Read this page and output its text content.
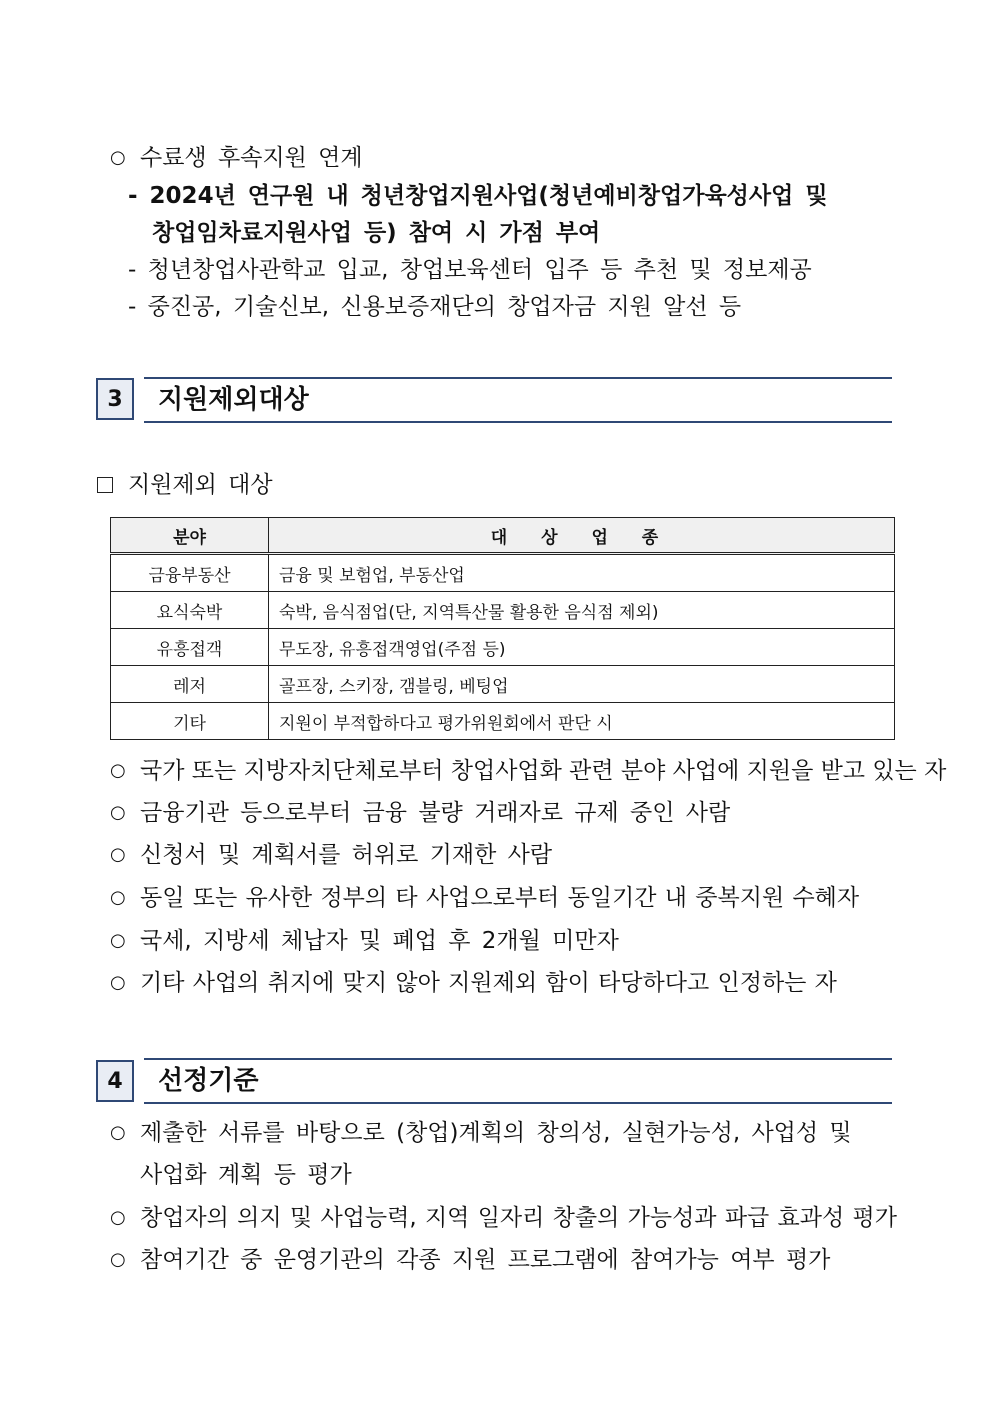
○ 수료생 후속지원 연계
- 2024년 연구원 내 청년창업지원사업(청년예비창업가육성사업 및
창업임차료지원사업 등) 참여 시 가점 부여
- 청년창업사관학교 입교, 창업보육센터 입주 등 추천 및 정보제공
- 중진공, 기술신보, 신용보증재단의 창업자금 지원 알선 등
3	지원제외대상
지원제외 대상
분야	대 상 업 종
금융부동산	금융 및 보험업, 부동산업
요식숙박	숙박, 음식점업(단, 지역특산물 활용한 음식점 제외)
유흥접객	무도장, 유흥접객영업(주점 등)
레저	골프장, 스키장, 갬블링, 베팅업
기타	지원이 부적합하다고 평가위원회에서 판단 시
○ 국가 또는 지방자치단체로부터 창업사업화 관련 분야 사업에 지원을 받고 있는 자
○ 금융기관 등으로부터 금융 불량 거래자로 규제 중인 사람
○ 신청서 및 계획서를 허위로 기재한 사람
○ 동일 또는 유사한 정부의 타 사업으로부터 동일기간 내 중복지원 수혜자
○ 국세, 지방세 체납자 및 폐업 후 2개월 미만자
○ 기타 사업의 취지에 맞지 않아 지원제외 함이 타당하다고 인정하는 자
4	선정기준
○ 제출한 서류를 바탕으로 (창업)계획의 창의성, 실현가능성, 사업성 및
사업화 계획 등 평가
○ 창업자의 의지 및 사업능력, 지역 일자리 창출의 가능성과 파급 효과성 평가
○ 참여기간 중 운영기관의 각종 지원 프로그램에 참여가능 여부 평가
